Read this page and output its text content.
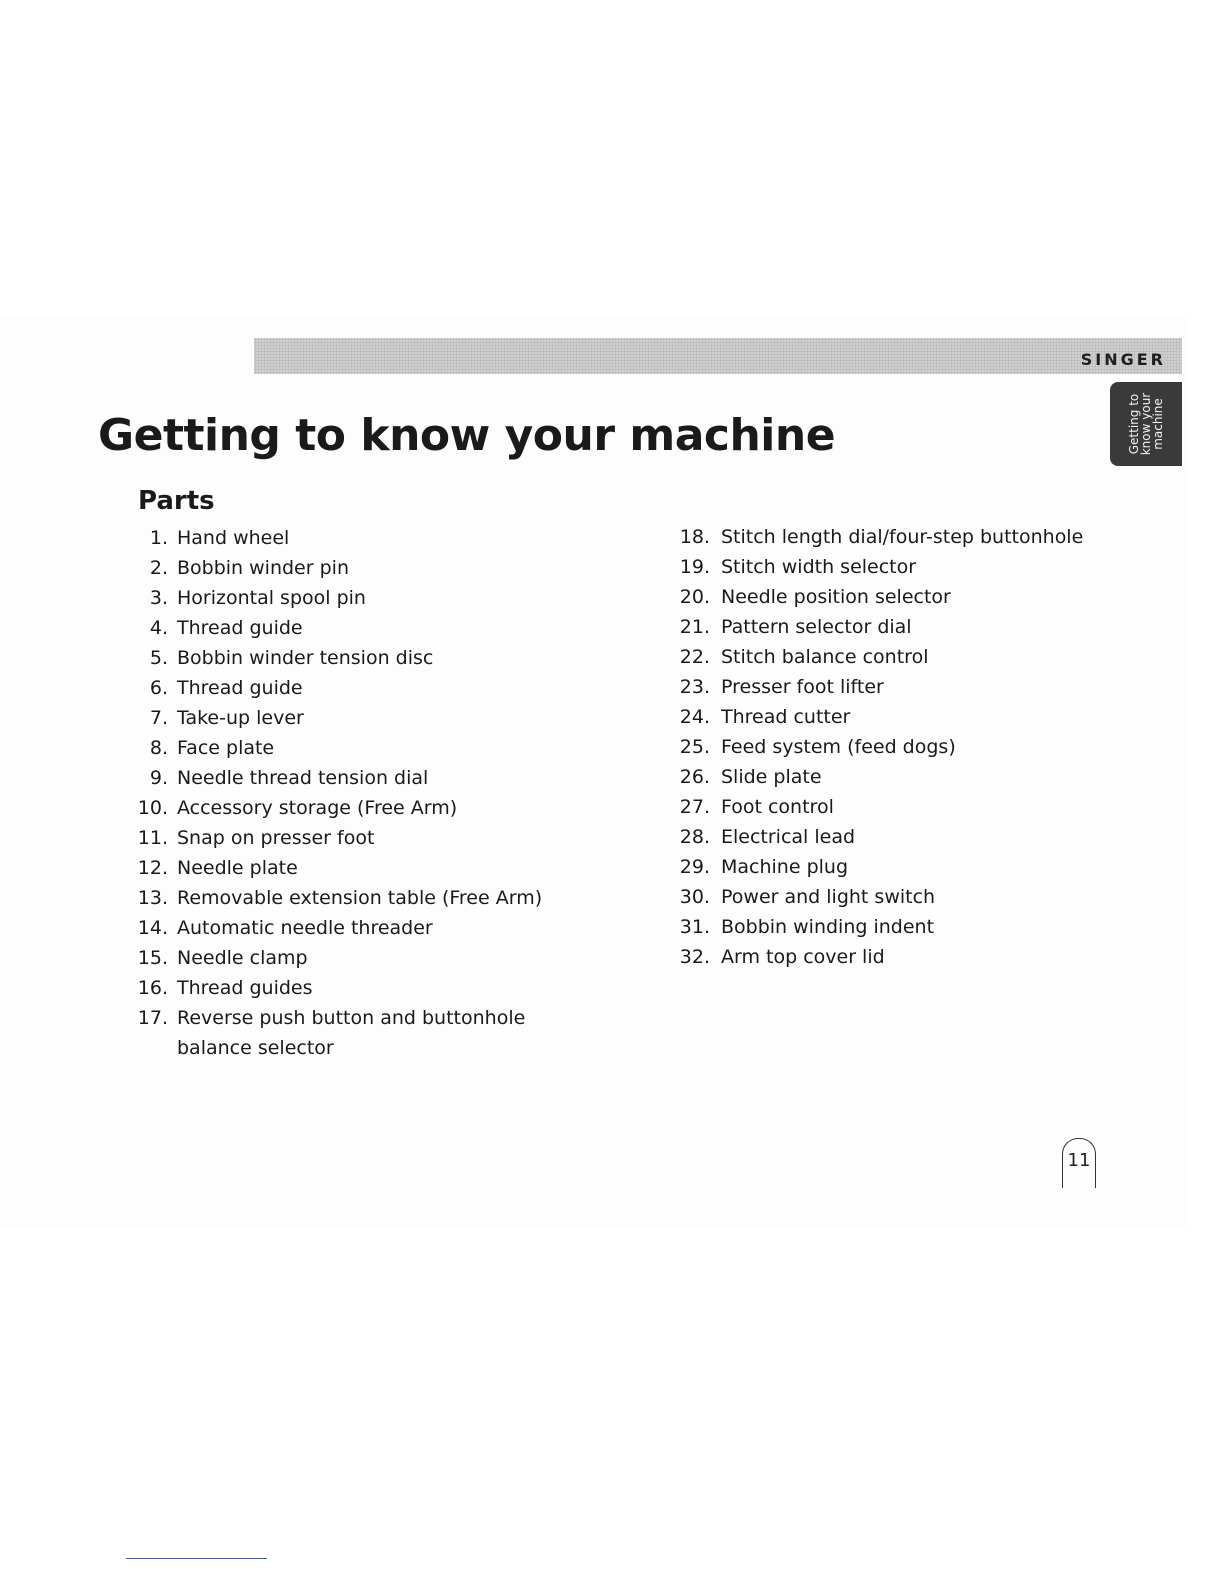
SINGER
Getting to
know your
machine
Getting to know your machine
Parts
1. Hand wheel
2. Bobbin winder pin
3. Horizontal spool pin
4. Thread guide
5. Bobbin winder tension disc
6. Thread guide
7. Take-up lever
8. Face plate
9. Needle thread tension dial
10. Accessory storage (Free Arm)
11. Snap on presser foot
12. Needle plate
13. Removable extension table (Free Arm)
14. Automatic needle threader
15. Needle clamp
16. Thread guides
17. Reverse push button and buttonhole balance selector
18. Stitch length dial/four-step buttonhole
19. Stitch width selector
20. Needle position selector
21. Pattern selector dial
22. Stitch balance control
23. Presser foot lifter
24. Thread cutter
25. Feed system (feed dogs)
26. Slide plate
27. Foot control
28. Electrical lead
29. Machine plug
30. Power and light switch
31. Bobbin winding indent
32. Arm top cover lid
11
